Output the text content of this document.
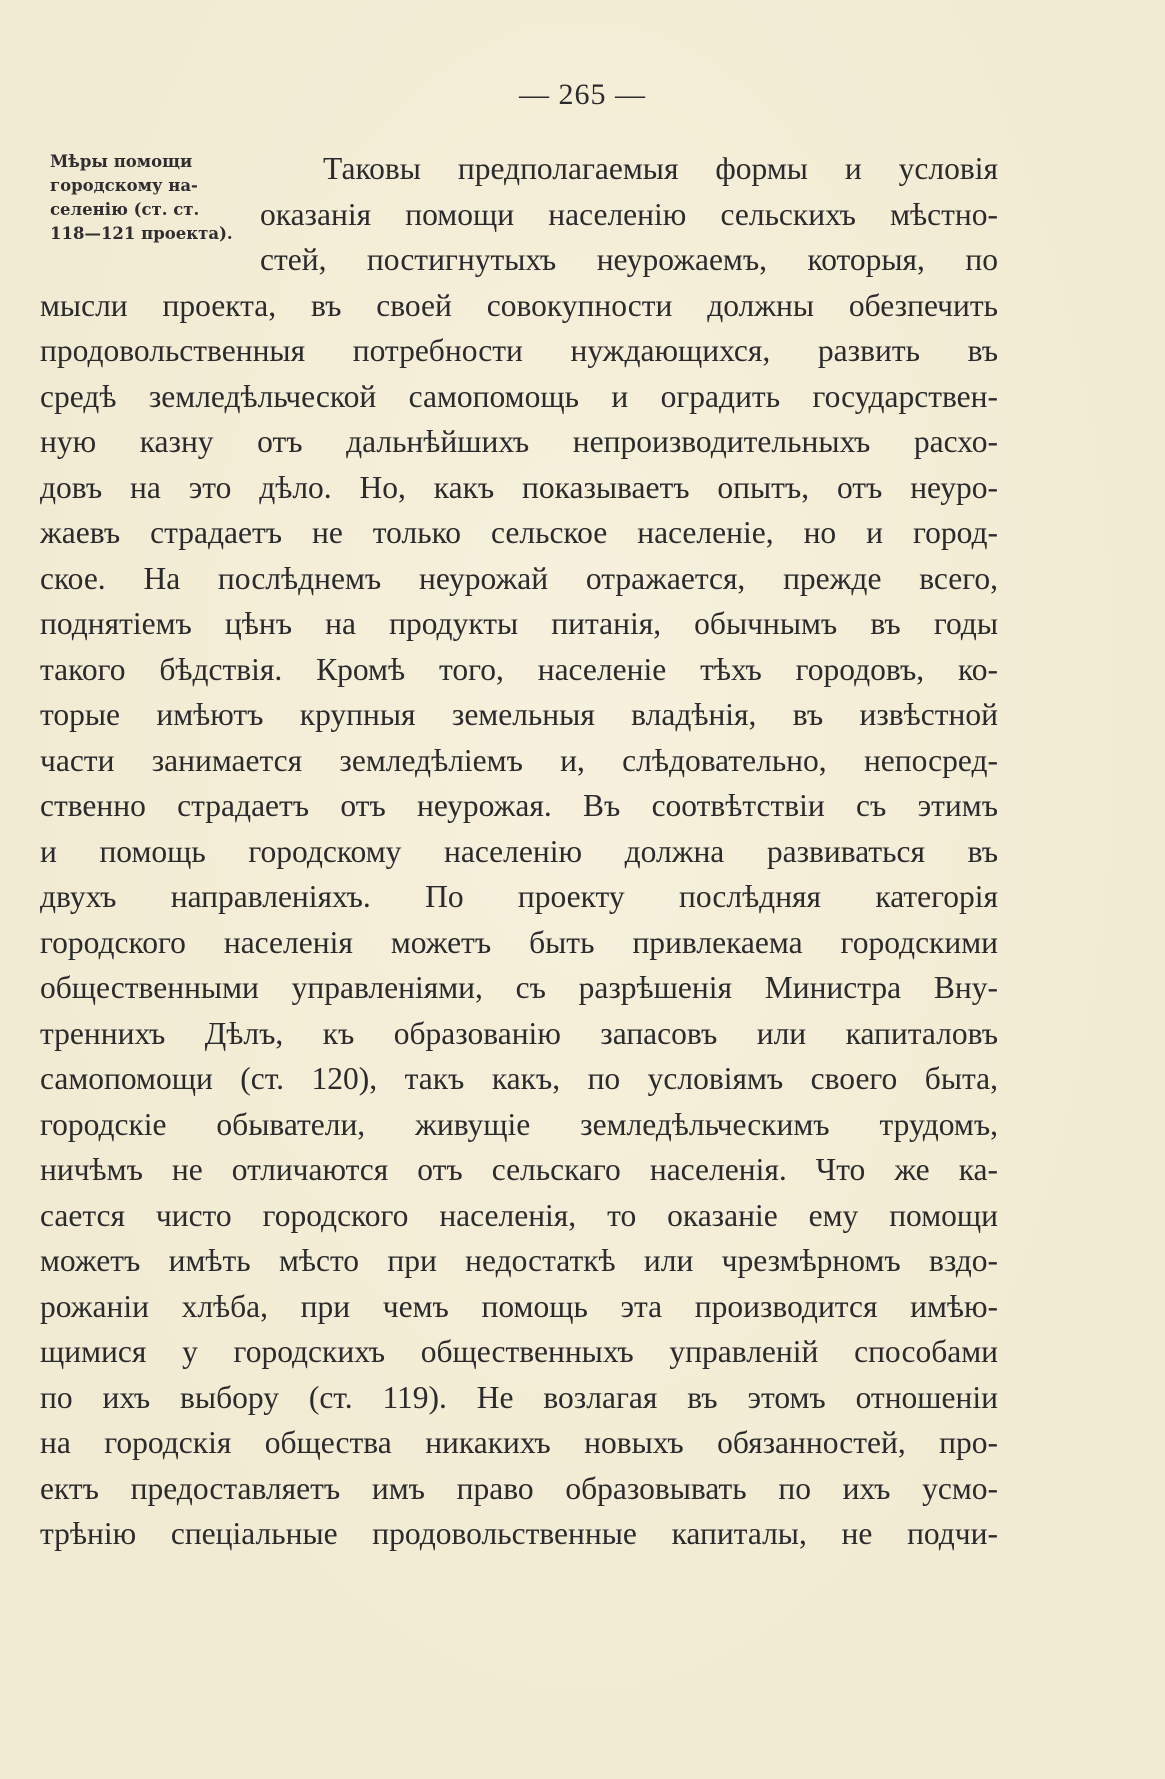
— 265 —
Мѣры помощи
городскому на-
селенію (ст. ст.
118—121 проекта).
Таковы предполагаемыя формы и условія
оказанія помощи населенію сельскихъ мѣстно-
стей, постигнутыхъ неурожаемъ, которыя, по
мысли проекта, въ своей совокупности должны обезпечить
продовольственныя потребности нуждающихся, развить въ
средѣ земледѣльческой самопомощь и оградить государствен-
ную казну отъ дальнѣйшихъ непроизводительныхъ расхо-
довъ на это дѣло. Но, какъ показываетъ опытъ, отъ неуро-
жаевъ страдаетъ не только сельское населеніе, но и город-
ское. На послѣднемъ неурожай отражается, прежде всего,
поднятіемъ цѣнъ на продукты питанія, обычнымъ въ годы
такого бѣдствія. Кромѣ того, населеніе тѣхъ городовъ, ко-
торые имѣютъ крупныя земельныя владѣнія, въ извѣстной
части занимается земледѣліемъ и, слѣдовательно, непосред-
ственно страдаетъ отъ неурожая. Въ соотвѣтствіи съ этимъ
и помощь городскому населенію должна развиваться въ
двухъ направленіяхъ. По проекту послѣдняя категорія
городского населенія можетъ быть привлекаема городскими
общественными управленіями, съ разрѣшенія Министра Вну-
треннихъ Дѣлъ, къ образованію запасовъ или капиталовъ
самопомощи (ст. 120), такъ какъ, по условіямъ своего быта,
городскіе обыватели, живущіе земледѣльческимъ трудомъ,
ничѣмъ не отличаются отъ сельскаго населенія. Что же ка-
сается чисто городского населенія, то оказаніе ему помощи
можетъ имѣть мѣсто при недостаткѣ или чрезмѣрномъ вздо-
рожаніи хлѣба, при чемъ помощь эта производится имѣю-
щимися у городскихъ общественныхъ управленій способами
по ихъ выбору (ст. 119). Не возлагая въ этомъ отношеніи
на городскія общества никакихъ новыхъ обязанностей, про-
ектъ предоставляетъ имъ право образовывать по ихъ усмо-
трѣнію спеціальные продовольственные капиталы, не подчи-
